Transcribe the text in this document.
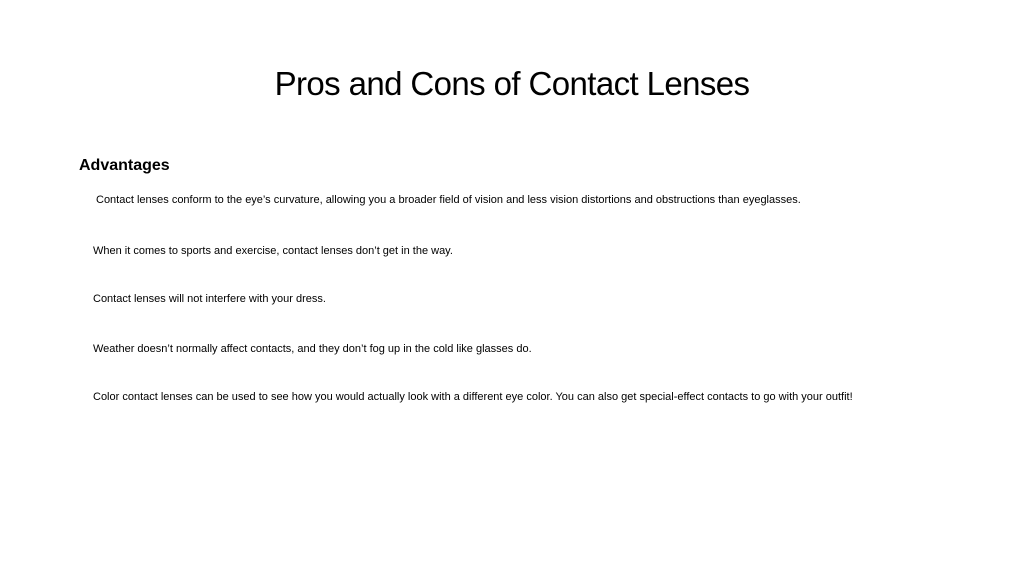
Pros and Cons of Contact Lenses
Advantages
Contact lenses conform to the eye’s curvature, allowing you a broader field of vision and less vision distortions and obstructions than eyeglasses.
When it comes to sports and exercise, contact lenses don’t get in the way.
Contact lenses will not interfere with your dress.
Weather doesn’t normally affect contacts, and they don’t fog up in the cold like glasses do.
Color contact lenses can be used to see how you would actually look with a different eye color. You can also get special-effect contacts to go with your outfit!
